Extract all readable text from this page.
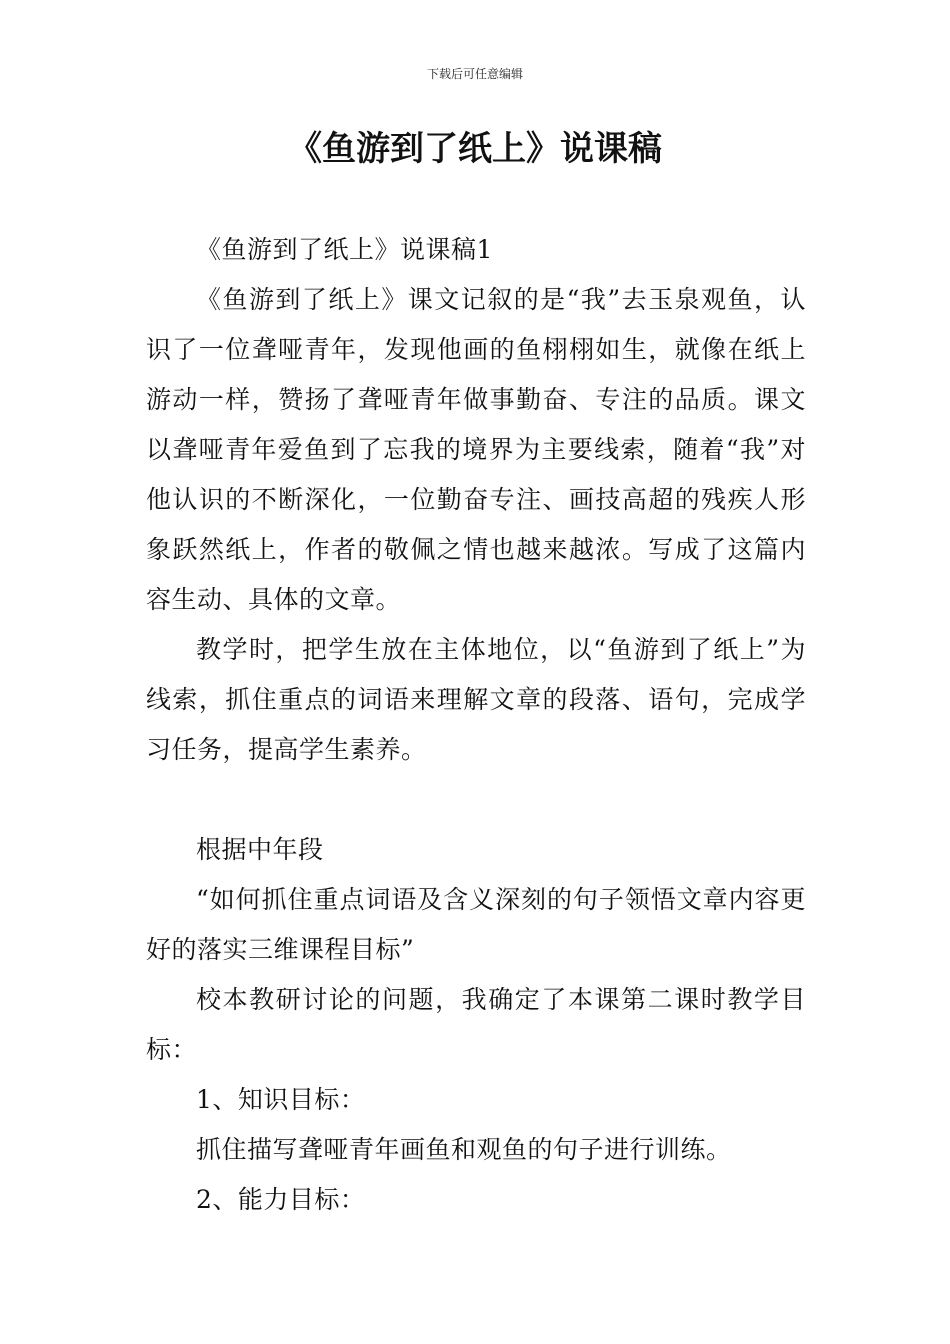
下载后可任意编辑
《鱼游到了纸上》说课稿

《鱼游到了纸上》说课稿1

《鱼游到了纸上》课文记叙的是“我”去玉泉观鱼，认识了一位聋哑青年，发现他画的鱼栩栩如生，就像在纸上游动一样，赞扬了聋哑青年做事勤奋、专注的品质。课文以聋哑青年爱鱼到了忘我的境界为主要线索，随着“我”对他认识的不断深化，一位勤奋专注、画技高超的残疾人形象跃然纸上，作者的敬佩之情也越来越浓。写成了这篇内容生动、具体的文章。

教学时，把学生放在主体地位，以“鱼游到了纸上”为线索，抓住重点的词语来理解文章的段落、语句，完成学习任务，提高学生素养。

根据中年段

“如何抓住重点词语及含义深刻的句子领悟文章内容更好的落实三维课程目标”

校本教研讨论的问题，我确定了本课第二课时教学目标：

1、知识目标：

抓住描写聋哑青年画鱼和观鱼的句子进行训练。

2、能力目标：
